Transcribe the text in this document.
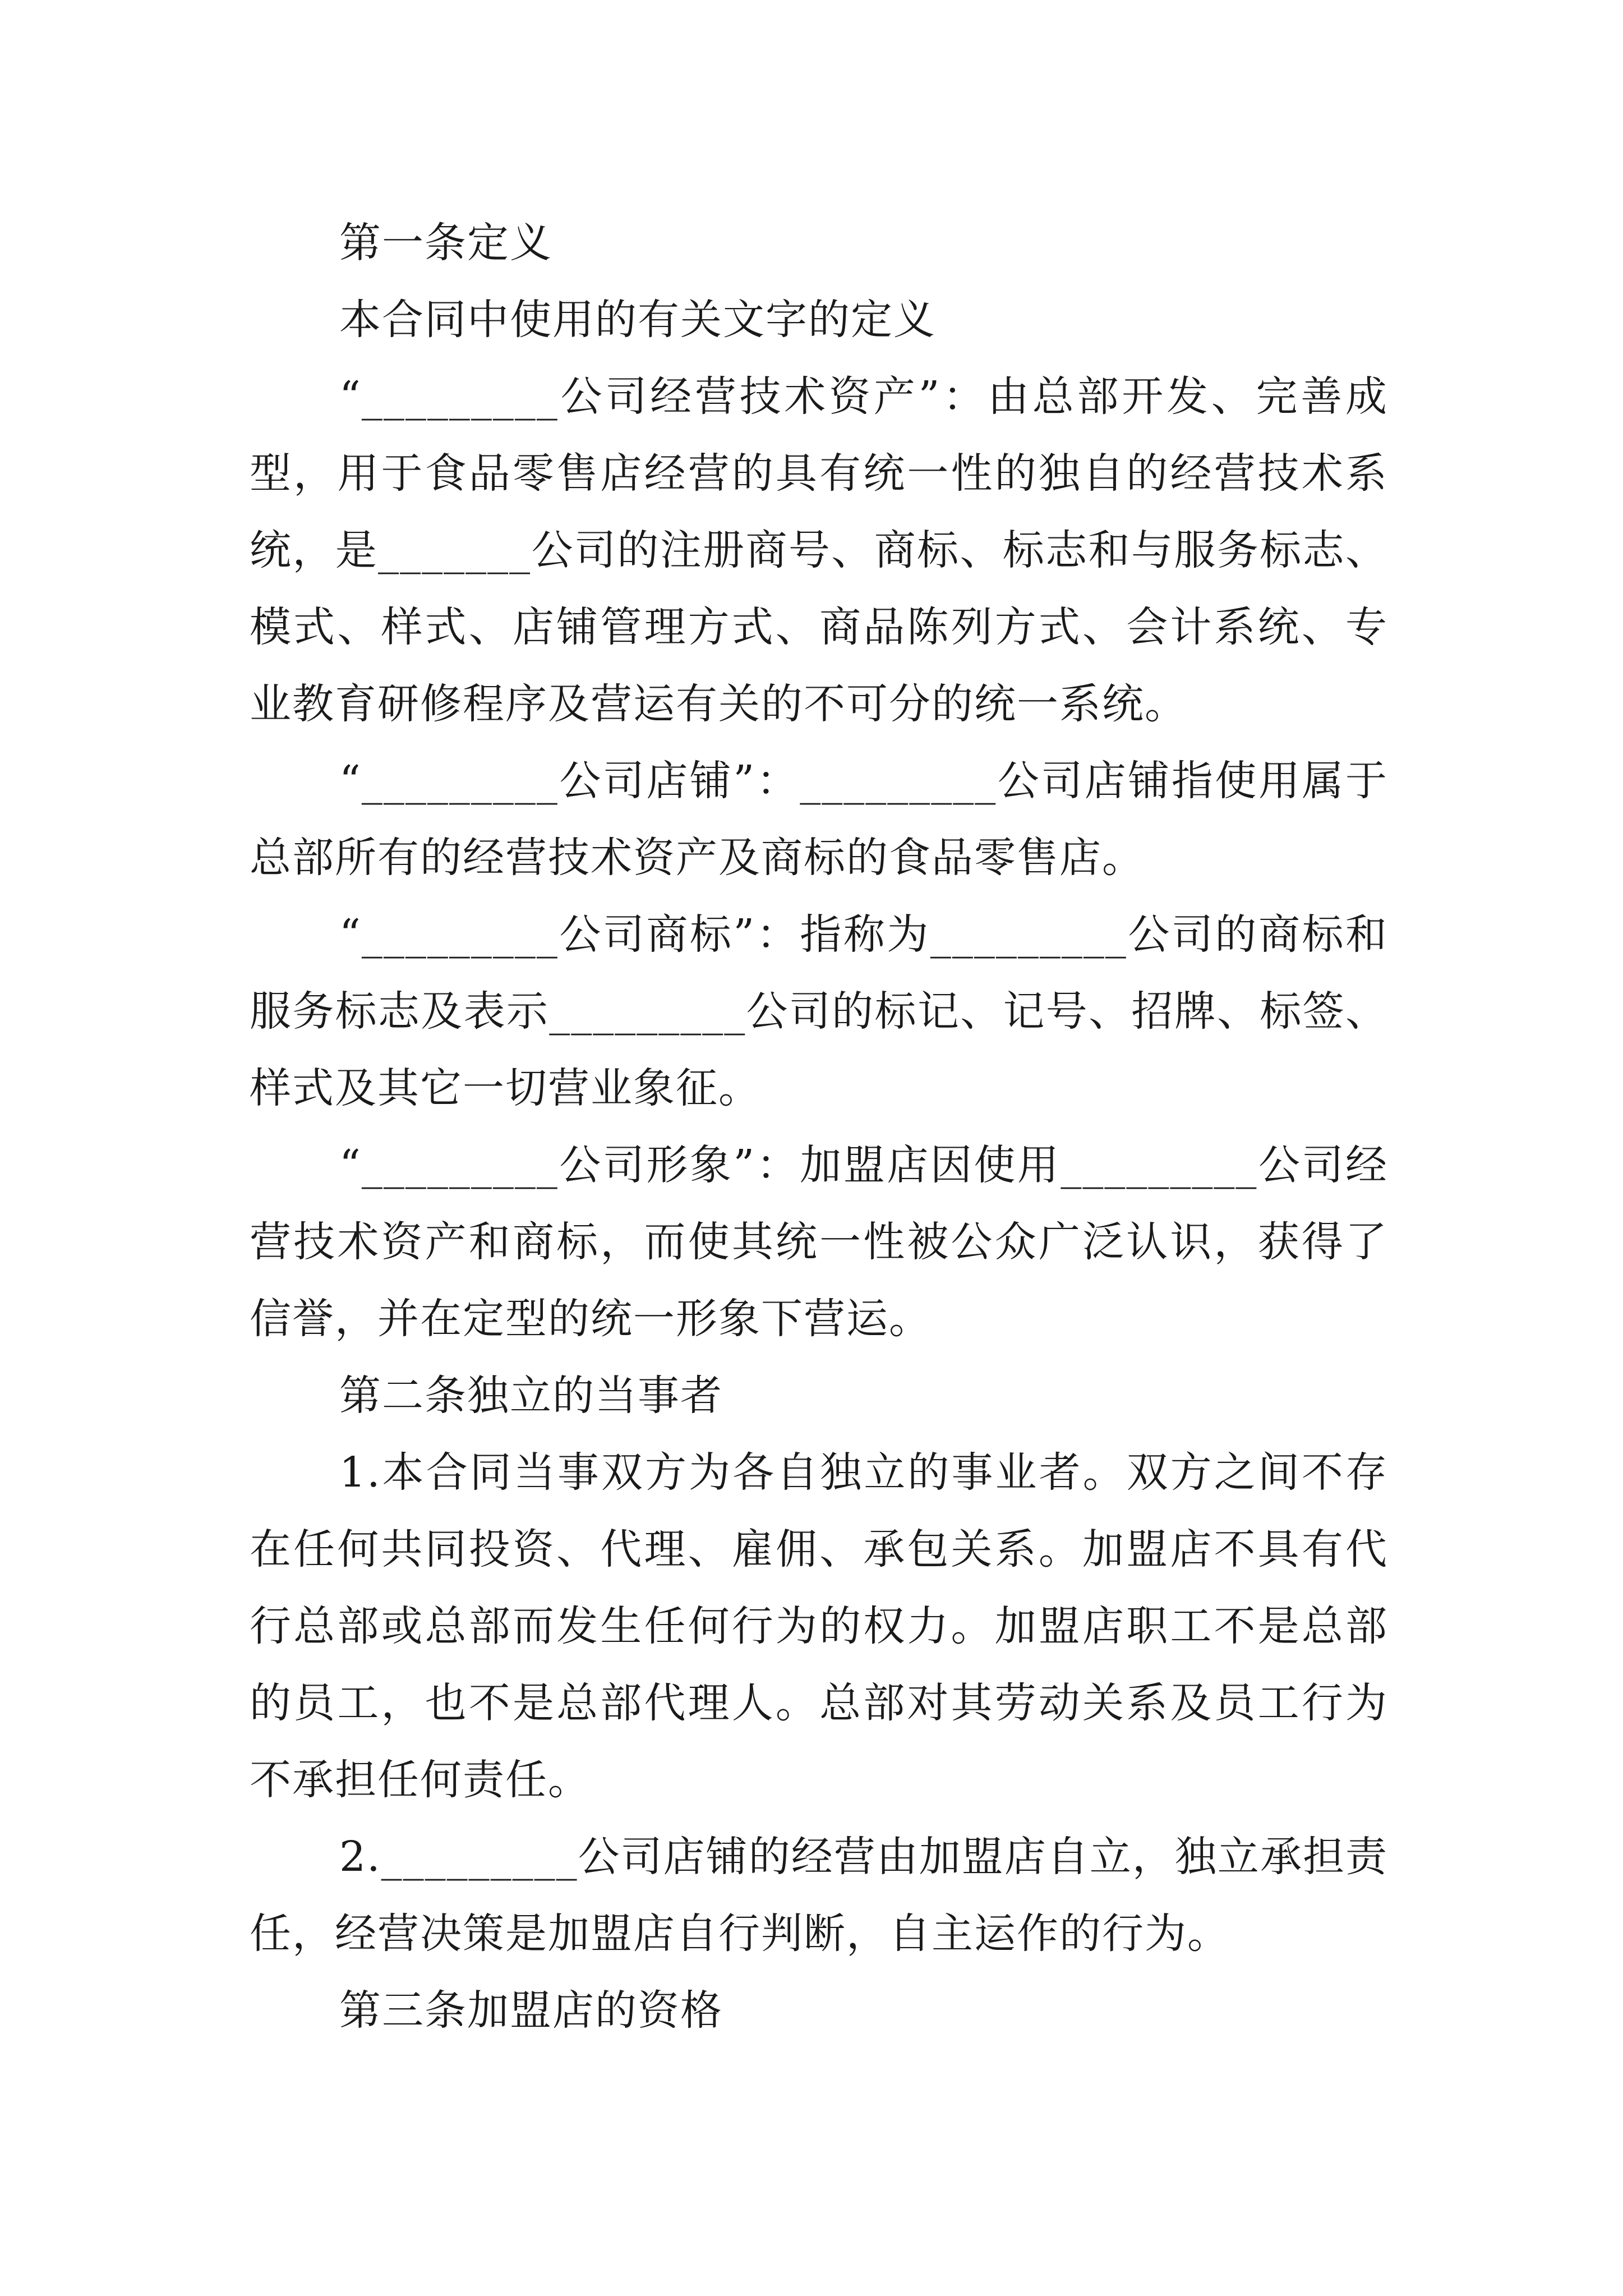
第一条定义

本合同中使用的有关文字的定义

“_________公司经营技术资产”：由总部开发、完善成型，用于食品零售店经营的具有统一性的独自的经营技术系统，是_______公司的注册商号、商标、标志和与服务标志、模式、样式、店铺管理方式、商品陈列方式、会计系统、专业教育研修程序及营运有关的不可分的统一系统。

“_________公司店铺”：_________公司店铺指使用属于总部所有的经营技术资产及商标的食品零售店。

“_________公司商标”：指称为_________公司的商标和服务标志及表示_________公司的标记、记号、招牌、标签、样式及其它一切营业象征。

“_________公司形象”：加盟店因使用_________公司经营技术资产和商标，而使其统一性被公众广泛认识，获得了信誉，并在定型的统一形象下营运。

第二条独立的当事者

1.本合同当事双方为各自独立的事业者。双方之间不存在任何共同投资、代理、雇佣、承包关系。加盟店不具有代行总部或总部而发生任何行为的权力。加盟店职工不是总部的员工，也不是总部代理人。总部对其劳动关系及员工行为不承担任何责任。

2._________公司店铺的经营由加盟店自立，独立承担责任，经营决策是加盟店自行判断，自主运作的行为。

第三条加盟店的资格
